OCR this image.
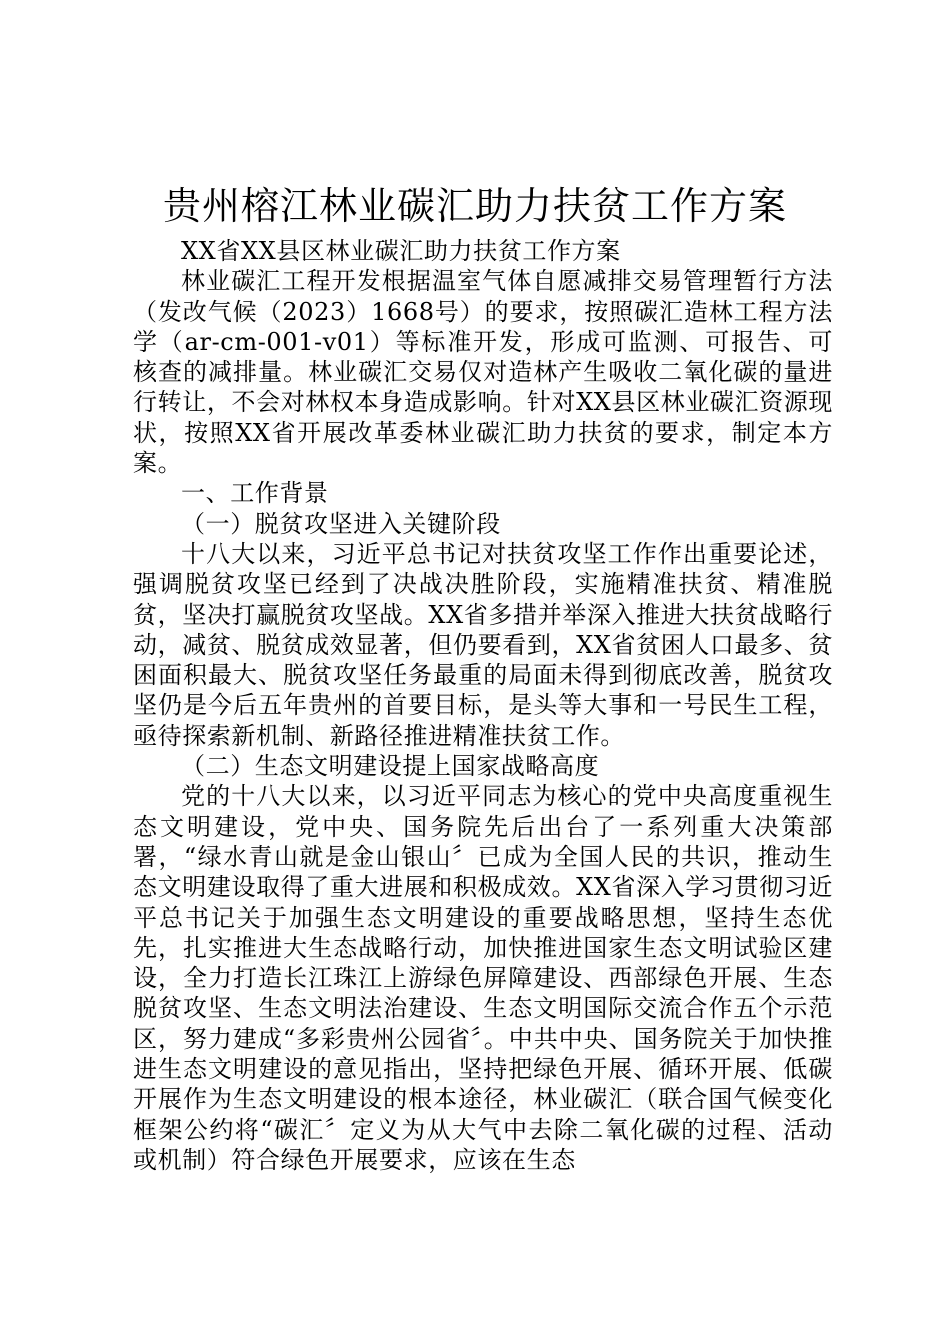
贵州榕江林业碳汇助力扶贫工作方案

XX省XX县区林业碳汇助力扶贫工作方案

林业碳汇工程开发根据温室气体自愿减排交易管理暂行方法（发改气候（2023）1668号）的要求，按照碳汇造林工程方法学（ar-cm-001-v01）等标准开发，形成可监测、可报告、可核查的减排量。林业碳汇交易仅对造林产生吸收二氧化碳的量进行转让，不会对林权本身造成影响。针对XX县区林业碳汇资源现状，按照XX省开展改革委林业碳汇助力扶贫的要求，制定本方案。

一、工作背景

（一）脱贫攻坚进入关键阶段

十八大以来，习近平总书记对扶贫攻坚工作作出重要论述，强调脱贫攻坚已经到了决战决胜阶段，实施精准扶贫、精准脱贫，坚决打赢脱贫攻坚战。XX省多措并举深入推进大扶贫战略行动，减贫、脱贫成效显著，但仍要看到，XX省贫困人口最多、贫困面积最大、脱贫攻坚任务最重的局面未得到彻底改善，脱贫攻坚仍是今后五年贵州的首要目标，是头等大事和一号民生工程，亟待探索新机制、新路径推进精准扶贫工作。

（二）生态文明建设提上国家战略高度

党的十八大以来，以习近平同志为核心的党中央高度重视生态文明建设，党中央、国务院先后出台了一系列重大决策部署，“绿水青山就是金山银山〞已成为全国人民的共识，推动生态文明建设取得了重大进展和积极成效。XX省深入学习贯彻习近平总书记关于加强生态文明建设的重要战略思想，坚持生态优先，扎实推进大生态战略行动，加快推进国家生态文明试验区建设，全力打造长江珠江上游绿色屏障建设、西部绿色开展、生态脱贫攻坚、生态文明法治建设、生态文明国际交流合作五个示范区，努力建成“多彩贵州公园省〞。中共中央、国务院关于加快推进生态文明建设的意见指出，坚持把绿色开展、循环开展、低碳开展作为生态文明建设的根本途径，林业碳汇（联合国气候变化框架公约将“碳汇〞定义为从大气中去除二氧化碳的过程、活动或机制）符合绿色开展要求，应该在生态
